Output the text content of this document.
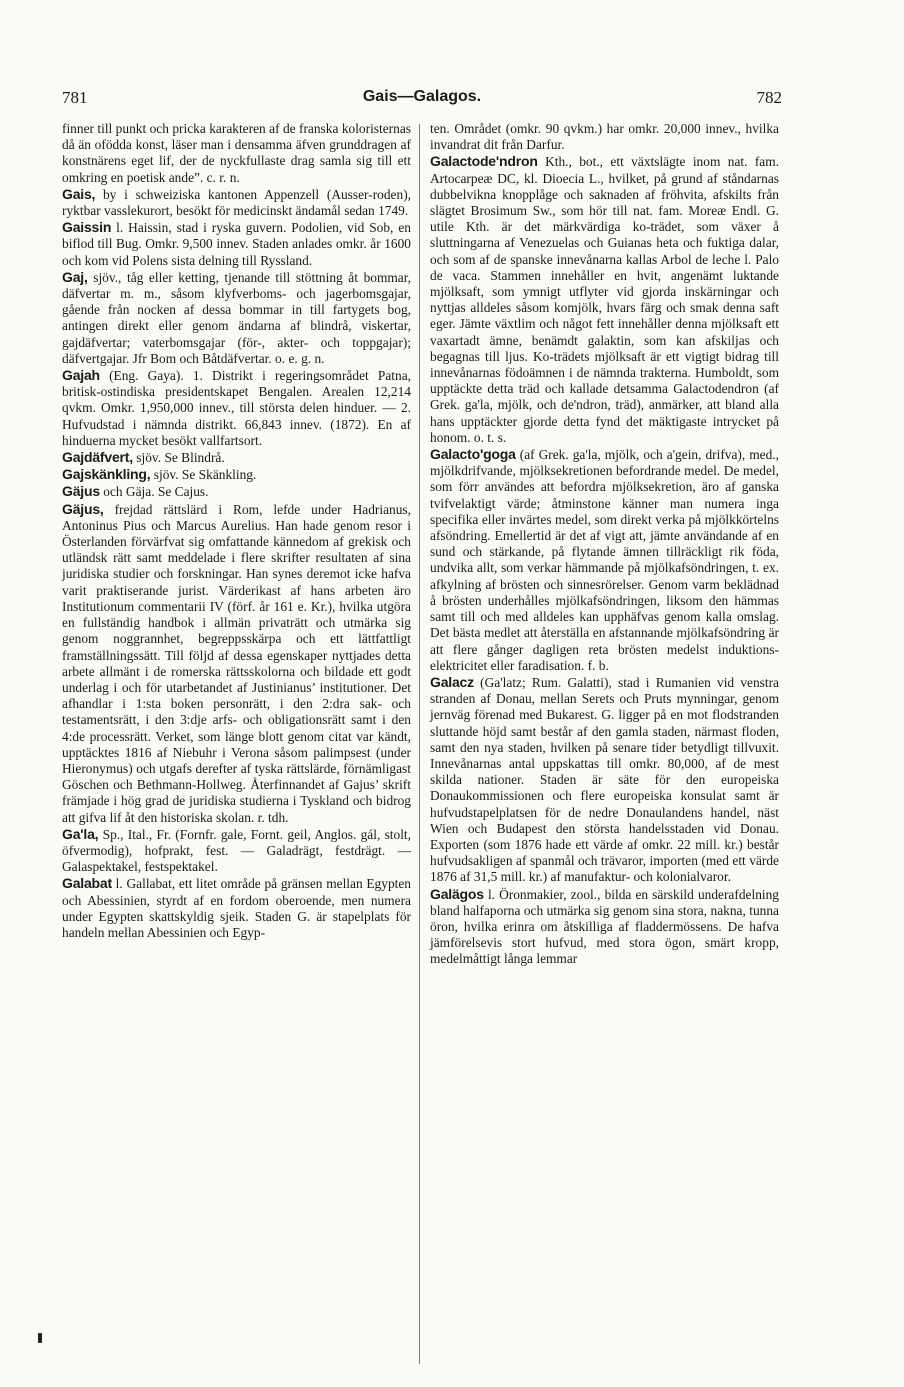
781	Gais—Galagos.	782

finner till punkt och pricka karakteren af de franska koloristernas då än ofödda konst, läser man i densamma äfven grunddragen af konstnärens eget lif, der de nyckfullaste drag samla sig till ett omkring en poetisk ande”. c. r. n.

Gais, by i schweiziska kantonen Appenzell (Ausser-roden), ryktbar vasslekurort, besökt för medicinskt ändamål sedan 1749.

Gaissin l. Haissin, stad i ryska guvern. Podolien, vid Sob, en biflod till Bug. Omkr. 9,500 innev. Staden anlades omkr. år 1600 och kom vid Polens sista delning till Ryssland.

Gaj, sjöv., tåg eller ketting, tjenande till stöttning åt bommar, däfvertar m. m., såsom klyfverboms- och jagerbomsgajar, gående från nocken af dessa bommar in till fartygets bog, antingen direkt eller genom ändarna af blindrå, viskertar, gajdäfvertar; vaterbomsgajar (för-, akter- och toppgajar); däfvertgajar. Jfr Bom och Båtdäfvertar. o. e. g. n.

Gajah (Eng. Gaya). 1. Distrikt i regeringsområdet Patna, britisk-ostindiska presidentskapet Bengalen. Arealen 12,214 qvkm. Omkr. 1,950,000 innev., till största delen hinduer. — 2. Hufvudstad i nämnda distrikt. 66,843 innev. (1872). En af hinduerna mycket besökt vallfartsort.

Gajdäfvert, sjöv. Se Blindrå.

Gajskänkling, sjöv. Se Skänkling.

Gäjus och Gäja. Se Cajus.

Gäjus, frejdad rättslärd i Rom, lefde under Hadrianus, Antoninus Pius och Marcus Aurelius. Han hade genom resor i Österlanden förvärfvat sig omfattande kännedom af grekisk och utländsk rätt samt meddelade i flere skrifter resultaten af sina juridiska studier och forskningar. Han synes deremot icke hafva varit praktiserande jurist. Värderikast af hans arbeten äro Institutionum commentarii IV (förf. år 161 e. Kr.), hvilka utgöra en fullständig handbok i allmän privaträtt och utmärka sig genom noggrannhet, begreppsskärpa och ett lättfattligt framställningssätt. Till följd af dessa egenskaper nyttjades detta arbete allmänt i de romerska rättsskolorna och bildade ett godt underlag i och för utarbetandet af Justinianus’ institutioner. Det afhandlar i 1:sta boken personrätt, i den 2:dra sak- och testamentsrätt, i den 3:dje arfs- och obligationsrätt samt i den 4:de processrätt. Verket, som länge blott genom citat var kändt, upptäcktes 1816 af Niebuhr i Verona såsom palimpsest (under Hieronymus) och utgafs derefter af tyska rättslärde, förnämligast Göschen och Bethmann-Hollweg. Återfinnandet af Gajus’ skrift främjade i hög grad de juridiska studierna i Tyskland och bidrog att gifva lif åt den historiska skolan. r. tdh.

Ga'la, Sp., Ital., Fr. (Fornfr. gale, Fornt. geil, Anglos. gál, stolt, öfvermodig), hofprakt, fest. — Galadrägt, festdrägt. — Galaspektakel, festspektakel.

Galabat l. Gallabat, ett litet område på gränsen mellan Egypten och Abessinien, styrdt af en fordom oberoende, men numera under Egypten skattskyldig sjeik. Staden G. är stapelplats för handeln mellan Abessinien och Egyp-

ten. Området (omkr. 90 qvkm.) har omkr. 20,000 innev., hvilka invandrat dit från Darfur.

Galactode'ndron Kth., bot., ett växtslägte inom nat. fam. Artocarpeæ DC, kl. Dioecia L., hvilket, på grund af ståndarnas dubbelvikna knopplåge och saknaden af fröhvita, afskilts från slägtet Brosimum Sw., som hör till nat. fam. Moreæ Endl. G. utile Kth. är det märkvärdiga ko-trädet, som växer å sluttningarna af Venezuelas och Guianas heta och fuktiga dalar, och som af de spanske innevånarna kallas Arbol de leche l. Palo de vaca. Stammen innehåller en hvit, angenämt luktande mjölksaft, som ymnigt utflyter vid gjorda inskärningar och nyttjas alldeles såsom komjölk, hvars färg och smak denna saft eger. Jämte växtlim och något fett innehåller denna mjölksaft ett vaxartadt ämne, benämdt galaktin, som kan afskiljas och begagnas till ljus. Ko-trädets mjölksaft är ett vigtigt bidrag till innevånarnas födoämnen i de nämnda trakterna. Humboldt, som upptäckte detta träd och kallade detsamma Galactodendron (af Grek. ga'la, mjölk, och de'ndron, träd), anmärker, att bland alla hans upptäckter gjorde detta fynd det mäktigaste intrycket på honom. o. t. s.

Galacto'goga (af Grek. ga'la, mjölk, och a'gein, drifva), med., mjölkdrifvande, mjölksekretionen befordrande medel. De medel, som förr användes att befordra mjölksekretion, äro af ganska tvifvelaktigt värde; åtminstone känner man numera inga specifika eller invärtes medel, som direkt verka på mjölkkörtelns afsöndring. Emellertid är det af vigt att, jämte användande af en sund och stärkande, på flytande ämnen tillräckligt rik föda, undvika allt, som verkar hämmande på mjölkafsöndringen, t. ex. afkylning af brösten och sinnesrörelser. Genom varm beklädnad å brösten underhålles mjölkafsöndringen, liksom den hämmas samt till och med alldeles kan upphäfvas genom kalla omslag. Det bästa medlet att återställa en afstannande mjölkafsöndring är att flere gånger dagligen reta brösten medelst induktions-elektricitet eller faradisation. f. b.

Galacz (Ga'latz; Rum. Galatti), stad i Rumanien vid venstra stranden af Donau, mellan Serets och Pruts mynningar, genom jernväg förenad med Bukarest. G. ligger på en mot flodstranden sluttande höjd samt består af den gamla staden, närmast floden, samt den nya staden, hvilken på senare tider betydligt tillvuxit. Innevånarnas antal uppskattas till omkr. 80,000, af de mest skilda nationer. Staden är säte för den europeiska Donaukommissionen och flere europeiska konsulat samt är hufvudstapelplatsen för de nedre Donaulandens handel, näst Wien och Budapest den största handelsstaden vid Donau. Exporten (som 1876 hade ett värde af omkr. 22 mill. kr.) består hufvudsakligen af spanmål och trävaror, importen (med ett värde 1876 af 31,5 mill. kr.) af manufaktur- och kolonialvaror.

Galägos l. Öronmakier, zool., bilda en särskild underafdelning bland halfaporna och utmärka sig genom sina stora, nakna, tunna öron, hvilka erinra om åtskilliga af fladdermössens. De hafva jämförelsevis stort hufvud, med stora ögon, smärt kropp, medelmåttigt långa lemmar
